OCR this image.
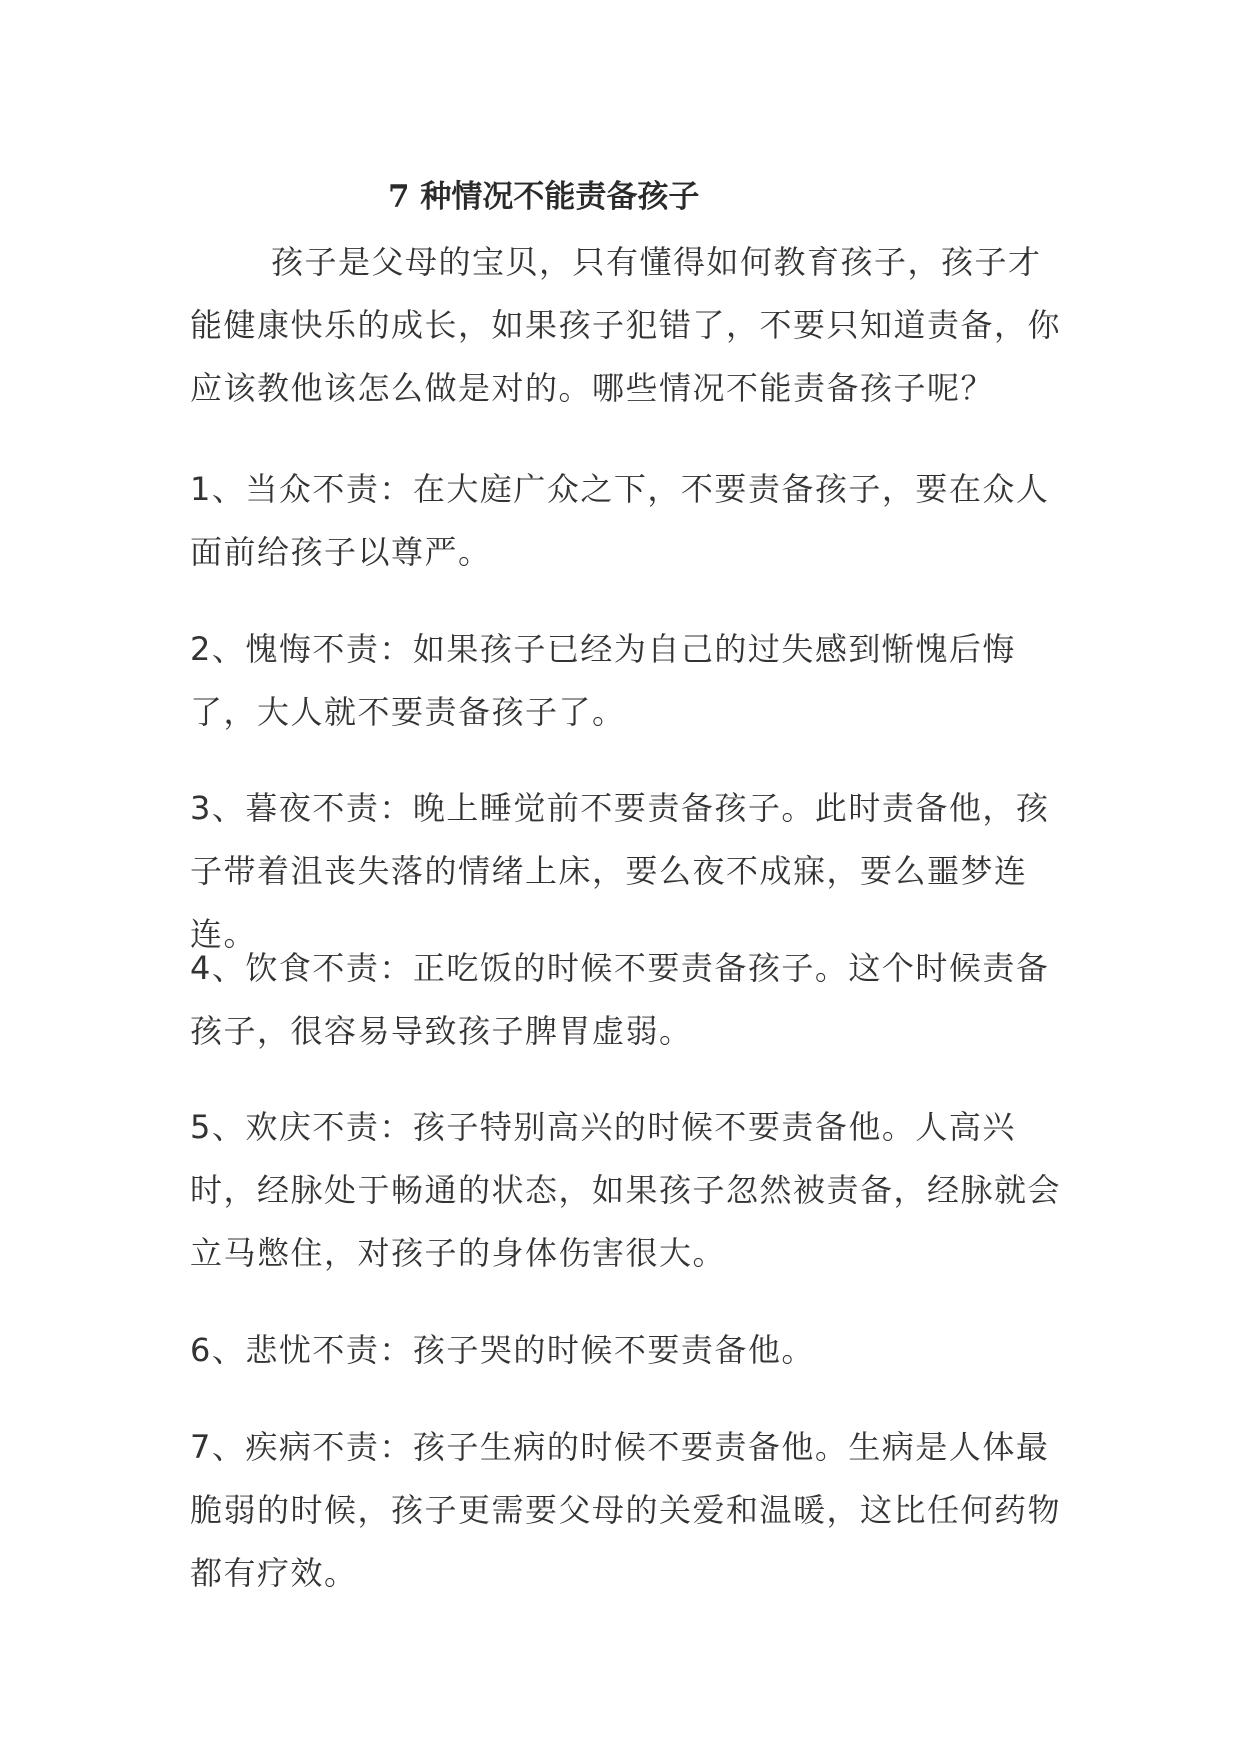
7 种情况不能责备孩子

孩子是父母的宝贝，只有懂得如何教育孩子，孩子才能健康快乐的成长，如果孩子犯错了，不要只知道责备，你应该教他该怎么做是对的。哪些情况不能责备孩子呢？

1、当众不责：在大庭广众之下，不要责备孩子，要在众人面前给孩子以尊严。

2、愧悔不责：如果孩子已经为自己的过失感到惭愧后悔了，大人就不要责备孩子了。

3、暮夜不责：晚上睡觉前不要责备孩子。此时责备他，孩子带着沮丧失落的情绪上床，要么夜不成寐，要么噩梦连连。

4、饮食不责：正吃饭的时候不要责备孩子。这个时候责备孩子，很容易导致孩子脾胃虚弱。

5、欢庆不责：孩子特别高兴的时候不要责备他。人高兴时，经脉处于畅通的状态，如果孩子忽然被责备，经脉就会立马憋住，对孩子的身体伤害很大。

6、悲忧不责：孩子哭的时候不要责备他。

7、疾病不责：孩子生病的时候不要责备他。生病是人体最脆弱的时候，孩子更需要父母的关爱和温暖，这比任何药物都有疗效。
